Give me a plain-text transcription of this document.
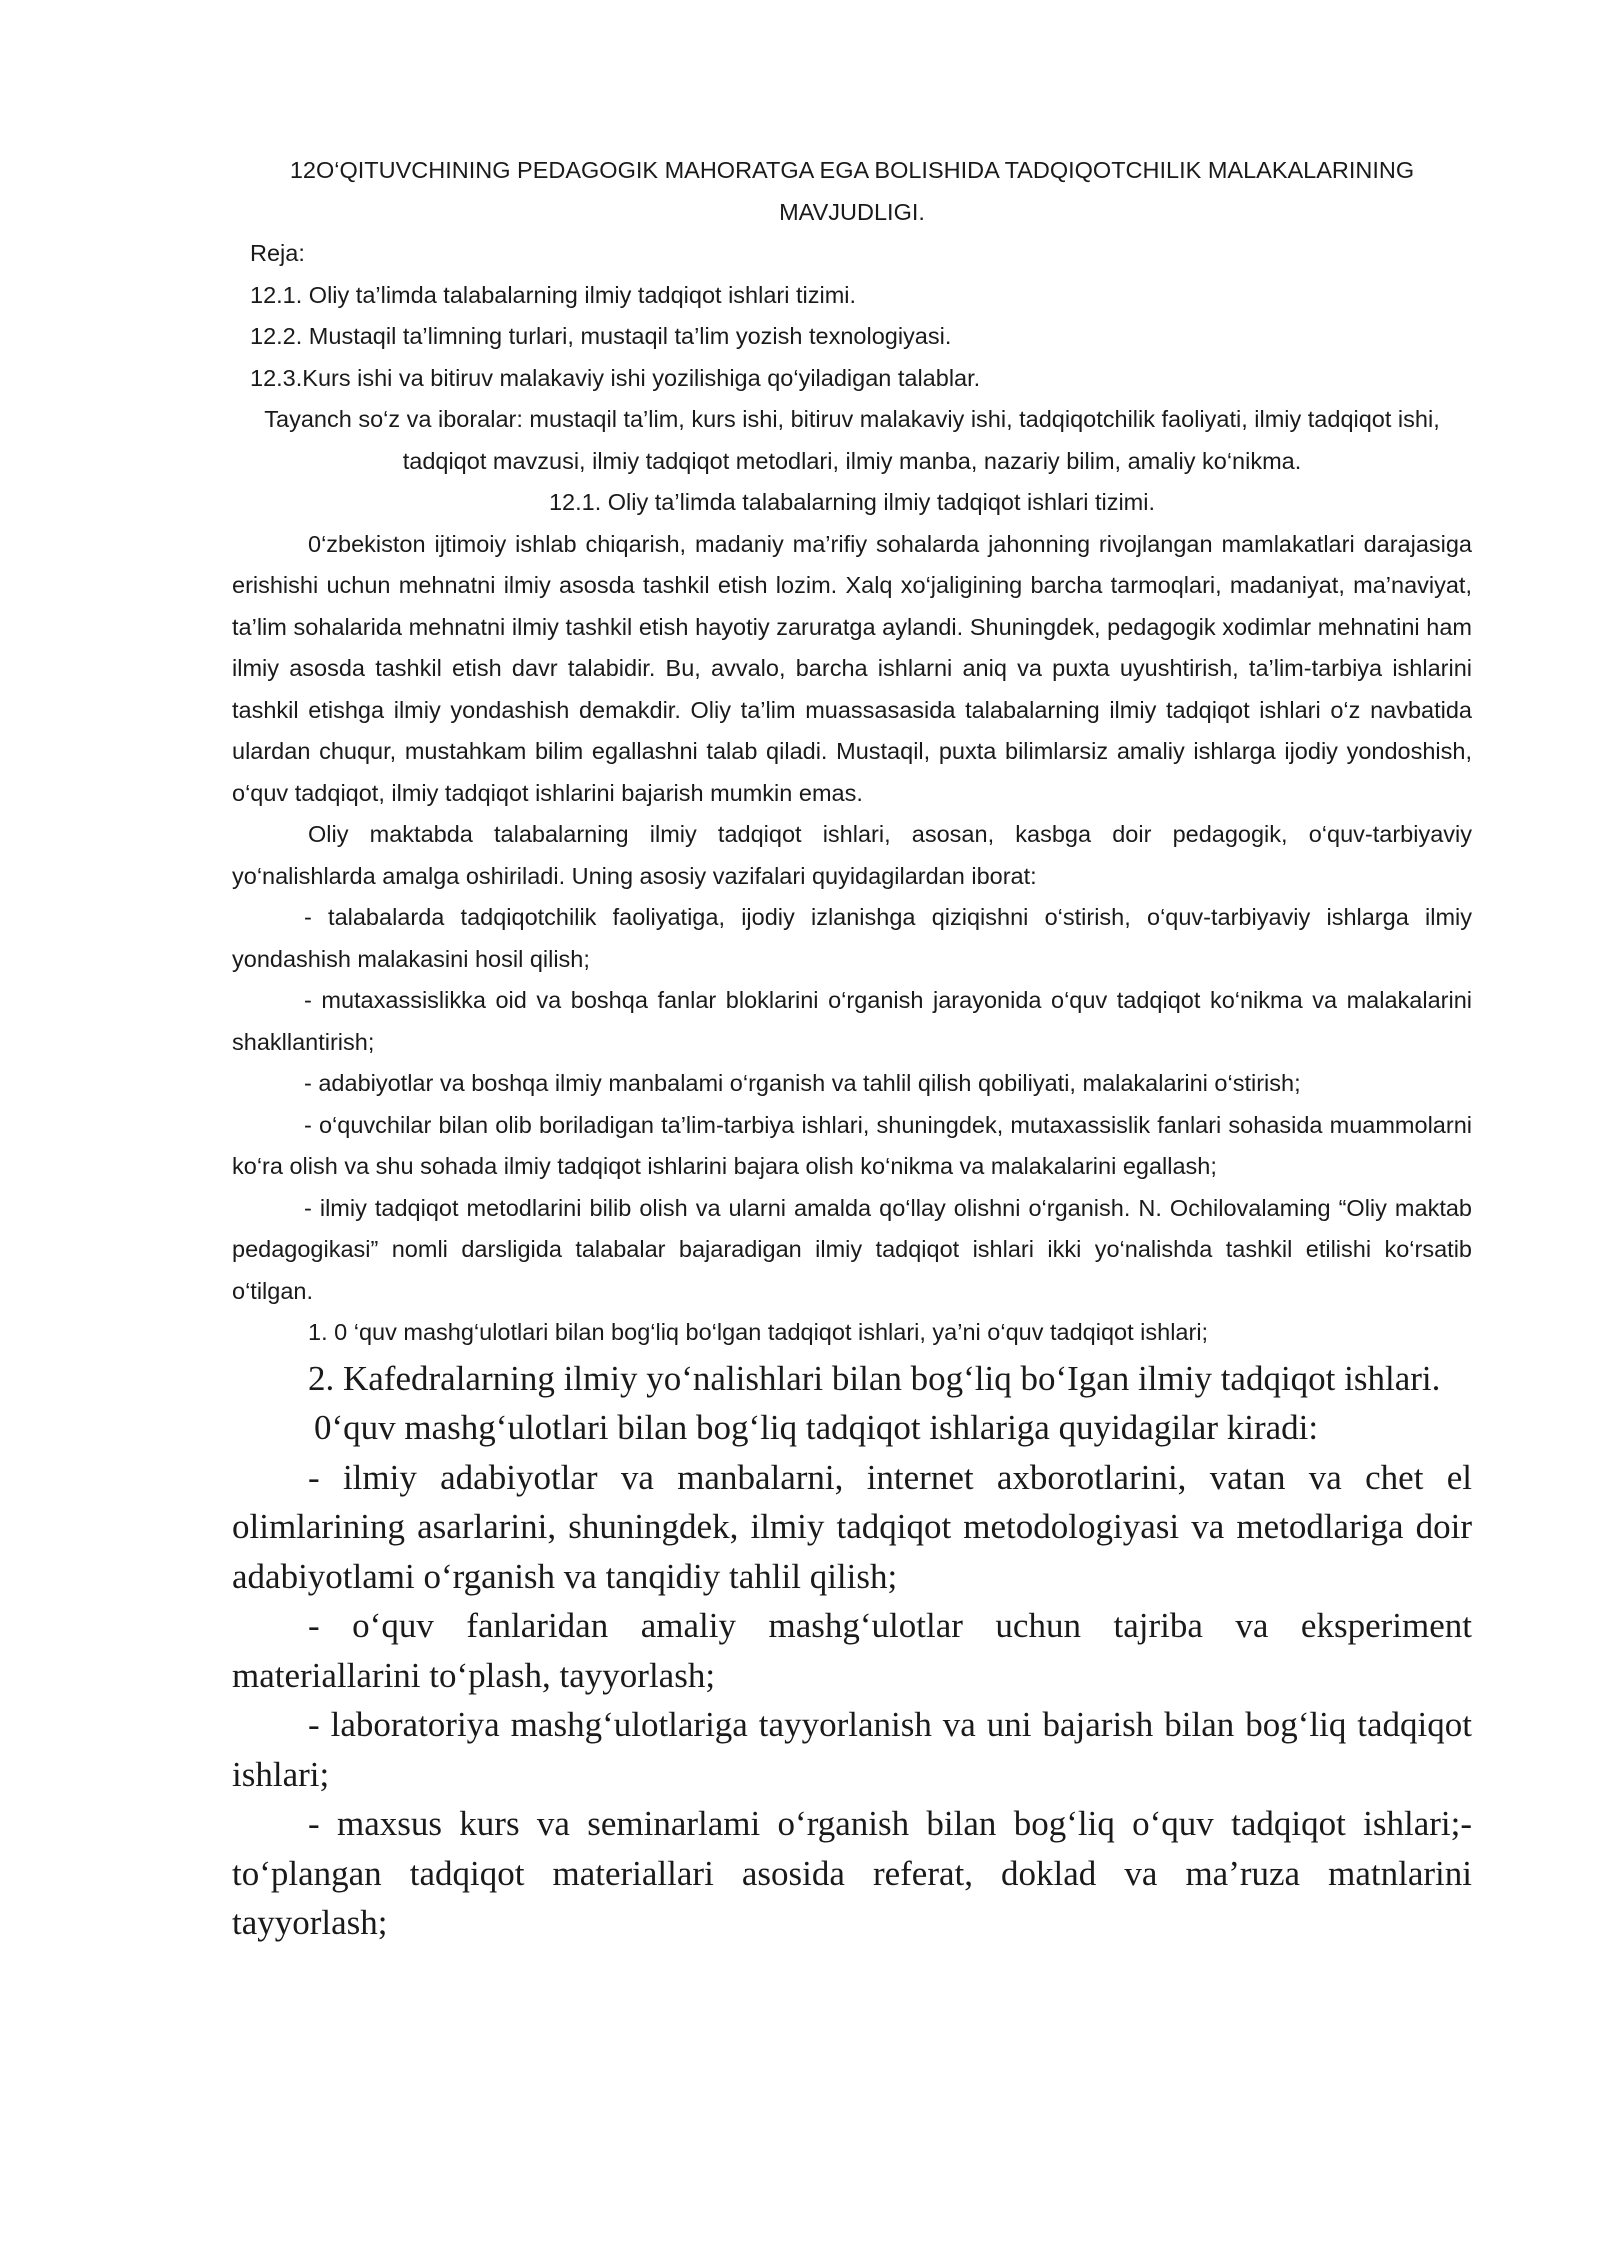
12O‘QITUVCHINING PEDAGOGIK MAHORATGA EGA BOLISHIDA TADQIQOTCHILIK MALAKALARINING MAVJUDLIGI.

Reja:

12.1. Oliy ta’limda talabalarning ilmiy tadqiqot ishlari tizimi.
12.2. Mustaqil ta’limning turlari, mustaqil ta’lim yozish texnologiyasi.
12.3.Kurs ishi va bitiruv malakaviy ishi yozilishiga qo‘yiladigan talablar.

Tayanch so‘z va iboralar: mustaqil ta’lim, kurs ishi, bitiruv malakaviy ishi, tadqiqotchilik faoliyati, ilmiy tadqiqot ishi, tadqiqot mavzusi, ilmiy tadqiqot metodlari, ilmiy manba, nazariy bilim, amaliy ko‘nikma.

12.1. Oliy ta’limda talabalarning ilmiy tadqiqot ishlari tizimi.

0‘zbekiston ijtimoiy ishlab chiqarish, madaniy ma’rifiy sohalarda jahonning rivojlangan mamlakatlari darajasiga erishishi uchun mehnatni ilmiy asosda tashkil etish lozim. Xalq xo‘jaligining barcha tarmoqlari, madaniyat, ma’naviyat, ta’lim sohalarida mehnatni ilmiy tashkil etish hayotiy zaruratga aylandi. Shuningdek, pedagogik xodimlar mehnatini ham ilmiy asosda tashkil etish davr talabidir. Bu, avvalo, barcha ishlarni aniq va puxta uyushtirish, ta’lim-tarbiya ishlarini tashkil etishga ilmiy yondashish demakdir. Oliy ta’lim muassasasida talabalarning ilmiy tadqiqot ishlari o‘z navbatida ulardan chuqur, mustahkam bilim egallashni talab qiladi. Mustaqil, puxta bilimlarsiz amaliy ishlarga ijodiy yondoshish, o‘quv tadqiqot, ilmiy tadqiqot ishlarini bajarish mumkin emas.

Oliy maktabda talabalarning ilmiy tadqiqot ishlari, asosan, kasbga doir pedagogik, o‘quv-tarbiyaviy yo‘nalishlarda amalga oshiriladi. Uning asosiy vazifalari quyidagilardan iborat:

- talabalarda tadqiqotchilik faoliyatiga, ijodiy izlanishga qiziqishni o‘stirish, o‘quv-tarbiyaviy ishlarga ilmiy yondashish malakasini hosil qilish;

- mutaxassislikka oid va boshqa fanlar bloklarini o‘rganish jarayonida o‘quv tadqiqot ko‘nikma va malakalarini shakllantirish;

- adabiyotlar va boshqa ilmiy manbalami o‘rganish va tahlil qilish qobiliyati, malakalarini o‘stirish;

- o‘quvchilar bilan olib boriladigan ta’lim-tarbiya ishlari, shuningdek, mutaxassislik fanlari sohasida muammolarni ko‘ra olish va shu sohada ilmiy tadqiqot ishlarini bajara olish ko‘nikma va malakalarini egallash;

- ilmiy tadqiqot metodlarini bilib olish va ularni amalda qo‘llay olishni o‘rganish. N. Ochilovalaming “Oliy maktab pedagogikasi” nomli darsligida talabalar bajaradigan ilmiy tadqiqot ishlari ikki yo‘nalishda tashkil etilishi ko‘rsatib o‘tilgan.

1. 0 ‘quv mashg‘ulotlari bilan bog‘liq bo‘lgan tadqiqot ishlari, ya’ni o‘quv tadqiqot ishlari;

2. Kafedralarning ilmiy yo‘nalishlari bilan bog‘liq bo‘Igan ilmiy tadqiqot ishlari.

0‘quv mashg‘ulotlari bilan bog‘liq tadqiqot ishlariga quyidagilar kiradi:

- ilmiy adabiyotlar va manbalarni, internet axborotlarini, vatan va chet el olimlarining asarlarini, shuningdek, ilmiy tadqiqot metodologiyasi va metodlariga doir adabiyotlami o‘rganish va tanqidiy tahlil qilish;

- o‘quv fanlaridan amaliy mashg‘ulotlar uchun tajriba va eksperiment materiallarini to‘plash, tayyorlash;

- laboratoriya mashg‘ulotlariga tayyorlanish va uni bajarish bilan bog‘liq tadqiqot ishlari;

- maxsus kurs va seminarlami o‘rganish bilan bog‘liq o‘quv tadqiqot ishlari;-to‘plangan tadqiqot materiallari asosida referat, doklad va ma’ruza matnlarini tayyorlash;
